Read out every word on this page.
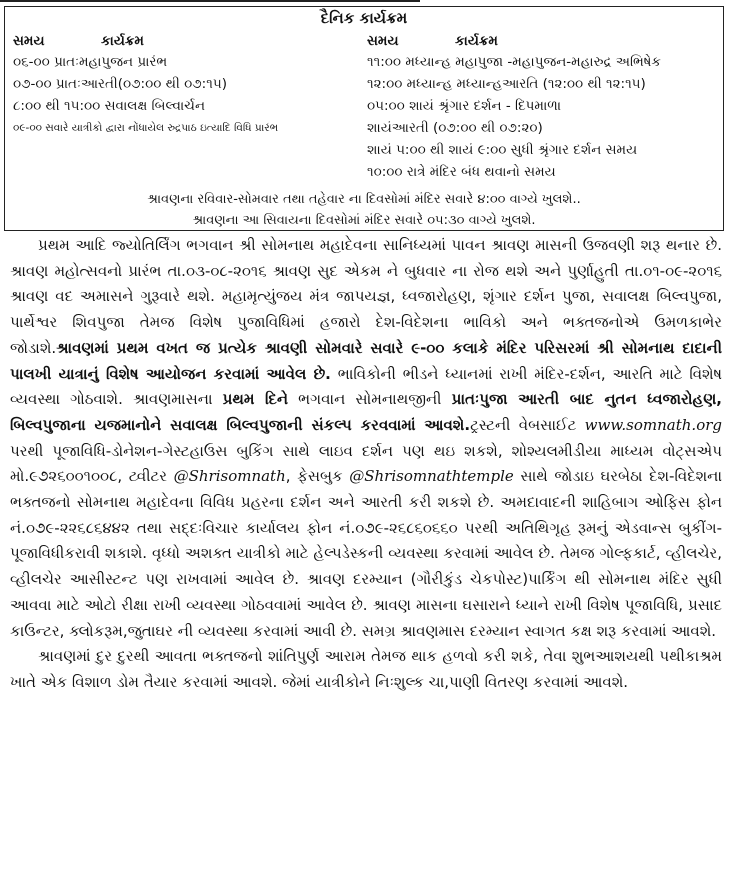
દૈનિક કાર્યક્રમ
સમય	કાર્યક્રમ
૦૬-૦૦ પ્રાતઃમહાપુજન પ્રારંભ
૦૭-૦૦ પ્રાતઃઆરતી(૦૭:૦૦ થી ૦૭:૧૫)
૮:૦૦ થી ૧૫:૦૦ સવાલક્ષ બિલ્વાર્ચન
૦૯-૦૦ સવારે યાત્રીકો દ્વારા નોંધાયેલ રુદ્રપાઠ ઇત્યાદિ વિધિ પ્રારંભ
સમય	કાર્યક્રમ
૧૧:૦૦ મધ્યાન્હ મહાપુજા -મહાપુજન-મહારુદ્ર અભિષેક
૧૨:૦૦ મધ્યાન્હ મધ્યાન્હઆરતિ (૧૨:૦૦ થી ૧૨:૧૫)
૦૫:૦૦ શાયં શ્રૃંગાર દર્શન - દિપમાળા
શાયંઆરતી (૦૭:૦૦ થી ૦૭:૨૦)
શાયં ૫:૦૦ થી શાયં ૯:૦૦ સુધી શ્રૃંગાર દર્શન સમય
૧૦:૦૦ રાત્રે મંદિર બંધ થવાનો સમય
શ્રાવણના રવિવાર-સોમવાર તથા તહેવાર ના દિવસોમાં મંદિર સવારે ૪:૦૦ વાગ્યે ખુલશે..
શ્રાવણના આ સિવાયના દિવસોમાં મંદિર સવારે ૦૫:૩૦ વાગ્યે ખુલશે.

પ્રથમ આદિ જ્યોતિર્લિંગ ભગવાન શ્રી સોમનાથ મહાદેવના સાનિધ્યમાં પાવન શ્રાવણ માસની ઉજવણી શરૂ થનાર છે. શ્રાવણ મહોત્સવનો પ્રારંભ તા.૦૩-૦૮-૨૦૧૬ શ્રાવણ સુદ એકમ ને બુધવાર ના રોજ થશે અને પુર્ણાહુતી તા.૦૧-૦૯-૨૦૧૬ શ્રાવણ વદ અમાસને ગુરૂવારે થશે. મહામૃત્યુંજય મંત્ર જાપયજ્ઞ, ધ્વજારોહણ, શૃંગાર દર્શન પુજા, સવાલક્ષ બિલ્વપુજા, પાર્થેશ્વર શિવપુજા તેમજ વિશેષ પુજાવિધિમાં હજારો દેશ-વિદેશના ભાવિકો અને ભક્તજનોએ ઉમળકાભેર જોડાશે.શ્રાવણમાં પ્રથમ વખત જ પ્રત્યેક શ્રાવણી સોમવારે સવારે ૯-૦૦ કલાકે મંદિર પરિસરમાં શ્રી સોમનાથ દાદાની પાલખી યાત્રાનું વિશેષ આયોજન કરવામાં આવેલ છે. ભાવિકોની ભીડને ધ્યાનમાં રાખી મંદિર-દર્શન, આરતિ માટે વિશેષ વ્યવસ્થા ગોઠવાશે. શ્રાવણમાસના પ્રથમ દિને ભગવાન સોમનાથજીની પ્રાતઃપુજા આરતી બાદ નુતન ધ્વજારોહણ, બિલ્વપુજાના યજમાનોને સવાલક્ષ બિલ્વપુજાની સંકલ્પ કરવવામાં આવશે.ટ્રસ્ટની વેબસાઈટ www.somnath.org પરથી પૂજાવિધિ-ડોનેશન-ગેસ્ટહાઉસ બુકિંગ સાથે લાઇવ દર્શન પણ થઇ શકશે, શોશ્યલમીડીયા માધ્યમ વોટ્સએપ મો.૯૭૨૬૦૦૧૦૦૮, ટ્વીટર @Shrisomnath, ફેસબુક @Shrisomnathtemple સાથે જોડાઇ ઘરબેઠા દેશ-વિદેશના ભક્તજનો સોમનાથ મહાદેવના વિવિધ પ્રહરના દર્શન અને આરતી કરી શકશે છે. અમદાવાદની શાહિબાગ ઓફિસ ફોન નં.૦૭૯-૨૨૬૮૬૪૪૨ તથા સદ્દઃવિચાર કાર્યાલય ફોન નં.૦૭૯-૨૬૮૬૦૬૬૦ પરથી અતિથિગૃહ રૂમનું એડવાન્સ બુકીંગ-પૂજાવિધીકરાવી શકાશે. વૃધ્ધો અશક્ત યાત્રીકો માટે હેલ્પડેસ્કની વ્યવસ્થા કરવામાં આવેલ છે. તેમજ ગોલ્ફકાર્ટ, વ્હીલચેર, વ્હીલચેર આસીસ્ટન્ટ પણ રાખવામાં આવેલ છે. શ્રાવણ દરમ્યાન (ગૌરીકુંડ ચેકપોસ્ટ)પાર્કિંગ થી સોમનાથ મંદિર સુધી આવવા માટે ઓટો રીક્ષા રાખી વ્યવસ્થા ગોઠવવામાં આવેલ છે. શ્રાવણ માસના ઘસારાને ધ્યાને રાખી વિશેષ પૂજાવિધિ, પ્રસાદ કાઉન્ટર, ક્લોકરૂમ,જુતાઘર ની વ્યવસ્થા કરવામાં આવી છે. સમગ્ર શ્રાવણમાસ દરમ્યાન સ્વાગત કક્ષ શરૂ કરવામાં આવશે.

શ્રાવણમાં દુર દુરથી આવતા ભક્તજનો શાંતિપુર્ણ આરામ તેમજ થાક હળવો કરી શકે, તેવા શુભઆશયથી પથીકાશ્રમ ખાતે એક વિશાળ ડોમ તૈયાર કરવામાં આવશે. જેમાં યાત્રીકોને નિઃશુલ્ક ચા,પાણી વિતરણ કરવામાં આવશે.
